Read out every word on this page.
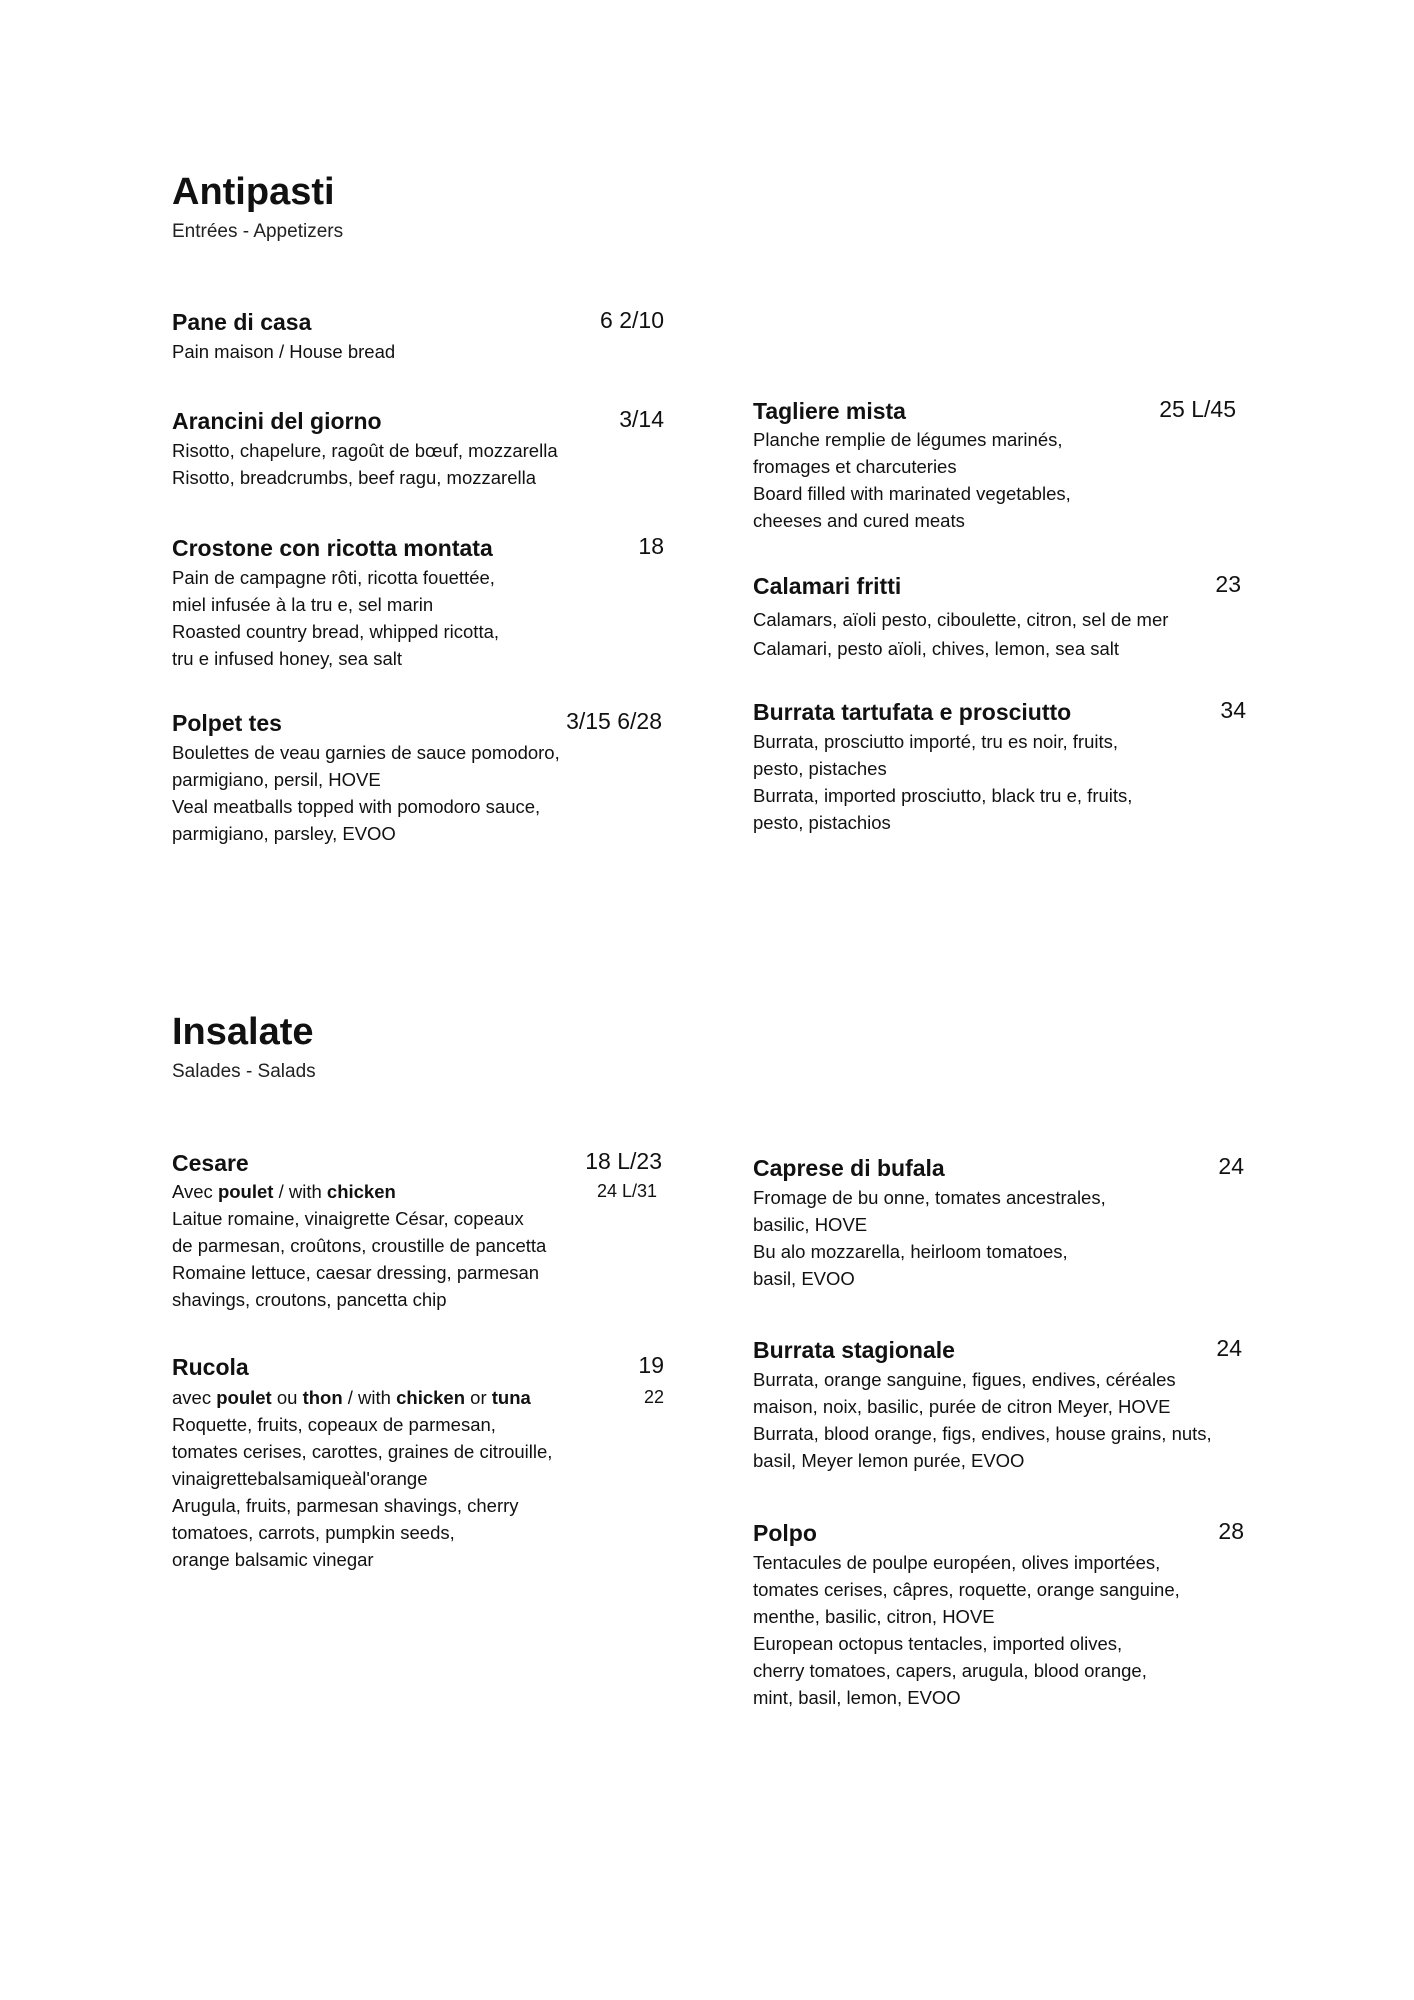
Antipasti
Entrées - Appetizers
Pane di casa	6 2/10
Pain maison / House bread
Arancini del giorno	3/14
Risotto, chapelure, ragoût de bœuf, mozzarella
Risotto, breadcrumbs, beef ragu, mozzarella
Crostone con ricotta montata	18
Pain de campagne rôti, ricotta fouettée,
miel infusée à la tru e, sel marin
Roasted country bread, whipped ricotta,
tru e infused honey, sea salt
Polpet tes	3/15 6/28
Boulettes de veau garnies de sauce pomodoro,
parmigiano, persil, HOVE
Veal meatballs topped with pomodoro sauce,
parmigiano, parsley, EVOO
Tagliere mista	25 L/45
Planche remplie de légumes marinés,
fromages et charcuteries
Board filled with marinated vegetables,
cheeses and cured meats
Calamari fritti	23
Calamars, aïoli pesto, ciboulette, citron, sel de mer
Calamari, pesto aïoli, chives, lemon, sea salt
Burrata tartufata e prosciutto	34
Burrata, prosciutto importé, tru es noir, fruits,
pesto, pistaches
Burrata, imported prosciutto, black tru e, fruits,
pesto, pistachios
Insalate
Salades - Salads
Cesare	18 L/23
24 L/31
Avec poulet / with chicken
Laitue romaine, vinaigrette César, copeaux
de parmesan, croûtons, croustille de pancetta
Romaine lettuce, caesar dressing, parmesan
shavings, croutons, pancetta chip
Rucola	19
22
avec poulet ou thon / with chicken or tuna
Roquette, fruits, copeaux de parmesan,
tomates cerises, carottes, graines de citrouille,
vinaigrettebalsamiqueàl'orange
Arugula, fruits, parmesan shavings, cherry
tomatoes, carrots, pumpkin seeds,
orange balsamic vinegar
Caprese di bufala	24
Fromage de bu onne, tomates ancestrales,
basilic, HOVE
Bu alo mozzarella, heirloom tomatoes,
basil, EVOO
Burrata stagionale	24
Burrata, orange sanguine, figues, endives, céréales
maison, noix, basilic, purée de citron Meyer, HOVE
Burrata, blood orange, figs, endives, house grains, nuts,
basil, Meyer lemon purée, EVOO
Polpo	28
Tentacules de poulpe européen, olives importées,
tomates cerises, câpres, roquette, orange sanguine,
menthe, basilic, citron, HOVE
European octopus tentacles, imported olives,
cherry tomatoes, capers, arugula, blood orange,
mint, basil, lemon, EVOO
